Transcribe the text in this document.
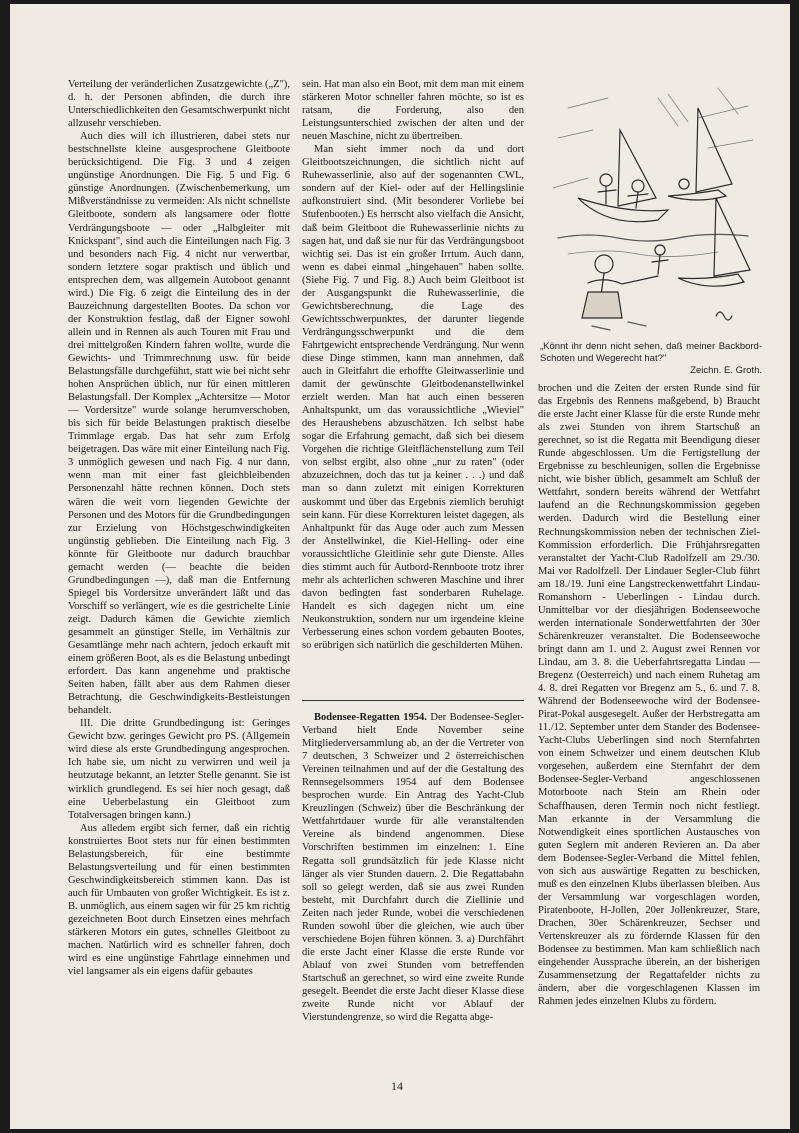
Verteilung der veränderlichen Zusatzgewichte („Z"), d. h. der Personen abfinden, die durch ihre Unterschiedlichkeiten den Gesamtschwerpunkt nicht allzusehr verschieben.

Auch dies will ich illustrieren, dabei stets nur bestschnellste kleine ausgesprochene Gleitboote berücksichtigend. Die Fig. 3 und 4 zeigen ungünstige Anordnungen. Die Fig. 5 und Fig. 6 günstige Anordnungen. (Zwischenbemerkung, um Mißverständnisse zu vermeiden: Als nicht schnellste Gleitboote, sondern als langsamere oder flotte Verdrängungsboote — oder „Halbgleiter mit Knickspant", sind auch die Einteilungen nach Fig. 3 und besonders nach Fig. 4 nicht nur verwertbar, sondern letztere sogar praktisch und üblich und entsprechen dem, was allgemein Autoboot genannt wird.) Die Fig. 6 zeigt die Einteilung des in der Bauzeichnung dargestellten Bootes. Da schon vor der Konstruktion festlag, daß der Eigner sowohl allein und in Rennen als auch Touren mit Frau und drei mittelgroßen Kindern fahren wollte, wurde die Gewichts- und Trimmrechnung usw. für beide Belastungsfälle durchgeführt, statt wie bei nicht sehr hohen Ansprüchen üblich, nur für einen mittleren Belastungsfall. Der Komplex „Achtersitze — Motor — Vordersitze" wurde solange herumverschoben, bis sich für beide Belastungen praktisch dieselbe Trimmlage ergab. Das hat sehr zum Erfolg beigetragen. Das wäre mit einer Einteilung nach Fig. 3 unmöglich gewesen und nach Fig. 4 nur dann, wenn man mit einer fast gleichbleibenden Personenzahl hätte rechnen können. Doch stets wären die weit vorn liegenden Gewichte der Personen und des Motors für die Grundbedingungen zur Erzielung von Höchstgeschwindigkeiten ungünstig geblieben. Die Einteilung nach Fig. 3 könnte für Gleitboote nur dadurch brauchbar gemacht werden (— beachte die beiden Grundbedingungen —), daß man die Entfernung Spiegel bis Vordersitze unverändert läßt und das Vorschiff so verlängert, wie es die gestrichelte Linie zeigt. Dadurch kämen die Gewichte ziemlich gesammelt an günstiger Stelle, im Verhältnis zur Gesamtlänge mehr nach achtern, jedoch erkauft mit einem größeren Boot, als es die Belastung unbedingt erfordert. Das kann angenehme und praktische Seiten haben, fällt aber aus dem Rahmen dieser Betrachtung, die Geschwindigkeits-Bestleistungen behandelt.

III. Die dritte Grundbedingung ist: Geringes Gewicht bzw. geringes Gewicht pro PS. (Allgemein wird diese als erste Grundbedingung angesprochen. Ich habe sie, um nicht zu verwirren und weil ja heutzutage bekannt, an letzter Stelle genannt. Sie ist wirklich grundlegend. Es sei hier noch gesagt, daß eine Ueberbelastung ein Gleitboot zum Totalversagen bringen kann.)

Aus alledem ergibt sich ferner, daß ein richtig konstruiertes Boot stets nur für einen bestimmten Belastungsbereich, für eine bestimmte Belastungsverteilung und für einen bestimmten Geschwindigkeitsbereich stimmen kann. Das ist auch für Umbauten von großer Wichtigkeit. Es ist z. B. unmöglich, aus einem sagen wir für 25 km richtig gezeichneten Boot durch Einsetzen eines mehrfach stärkeren Motors ein gutes, schnelles Gleitboot zu machen. Natürlich wird es schneller fahren, doch wird es eine ungünstige Fahrtlage einnehmen und viel langsamer als ein eigens dafür gebautes

sein. Hat man also ein Boot, mit dem man mit einem stärkeren Motor schneller fahren möchte, so ist es ratsam, die Forderung, also den Leistungsunterschied zwischen der alten und der neuen Maschine, nicht zu übertreiben.

Man sieht immer noch da und dort Gleitbootszeichnungen, die sichtlich nicht auf Ruhewasserlinie, also auf der sogenannten CWL, sondern auf der Kiel- oder auf der Hellingslinie aufkonstruiert sind. (Mit besonderer Vorliebe bei Stufenbooten.) Es herrscht also vielfach die Ansicht, daß beim Gleitboot die Ruhewasserlinie nichts zu sagen hat, und daß sie nur für das Verdrängungsboot wichtig sei. Das ist ein großer Irrtum. Auch dann, wenn es dabei einmal „hingehauen" haben sollte. (Siehe Fig. 7 und Fig. 8.) Auch beim Gleitboot ist der Ausgangspunkt die Ruhewasserlinie, die Gewichtsberechnung, die Lage des Gewichtsschwerpunktes, der darunter liegende Verdrängungsschwerpunkt und die dem Fahrtgewicht entsprechende Verdrängung. Nur wenn diese Dinge stimmen, kann man annehmen, daß auch in Gleitfahrt die erhoffte Gleitwasserlinie und damit der gewünschte Gleitbodenanstellwinkel erzielt werden. Man hat auch einen besseren Anhaltspunkt, um das voraussichtliche „Wieviel" des Heraushebens abzuschätzen. Ich selbst habe sogar die Erfahrung gemacht, daß sich bei diesem Vorgehen die richtige Gleitflächenstellung zum Teil von selbst ergibt, also ohne „nur zu raten" (oder abzuzeichnen, doch das tut ja keiner . . .) und daß man so dann zuletzt mit einigen Korrekturen auskommt und über das Ergebnis ziemlich beruhigt sein kann. Für diese Korrekturen leistet dagegen, als Anhaltpunkt für das Auge oder auch zum Messen der Anstellwinkel, die Kiel-Helling- oder eine voraussichtliche Gleitlinie sehr gute Dienste. Alles dies stimmt auch für Autbord-Rennboote trotz ihrer mehr als achterlichen schweren Maschine und ihrer davon bedingten fast sonderbaren Ruhelage. Handelt es sich dagegen nicht um eine Neukonstruktion, sondern nur um irgendeine kleine Verbesserung eines schon vordem gebauten Bootes, so erübrigen sich natürlich die geschilderten Mühen.

Bodensee-Regatten 1954. Der Bodensee-Segler-Verband hielt Ende November seine Mitgliederversammlung ab, an der die Vertreter von 7 deutschen, 3 Schweizer und 2 österreichischen Vereinen teilnahmen und auf der die Gestaltung des Rennsegelsommers 1954 auf dem Bodensee besprochen wurde. Ein Antrag des Yacht-Club Kreuzlingen (Schweiz) über die Beschränkung der Wettfahrtdauer wurde für alle veranstaltenden Vereine als bindend angenommen. Diese Vorschriften bestimmen im einzelnen: 1. Eine Regatta soll grundsätzlich für jede Klasse nicht länger als vier Stunden dauern. 2. Die Regattabahn soll so gelegt werden, daß sie aus zwei Runden besteht, mit Durchfahrt durch die Ziellinie und Zeiten nach jeder Runde, wobei die verschiedenen Runden sowohl über die gleichen, wie auch über verschiedene Bojen führen können. 3. a) Durchfährt die erste Jacht einer Klasse die erste Runde vor Ablauf von zwei Stunden vom betreffenden Startschuß an gerechnet, so wird eine zweite Runde gesegelt. Beendet die erste Jacht dieser Klasse diese zweite Runde nicht vor Ablauf der Vierstundengrenze, so wird die Regatta abge-

„Könnt ihr denn nicht sehen, daß meiner Backbord-Schoten und Wegerecht hat?"

Zeichn. E. Groth.

brochen und die Zeiten der ersten Runde sind für das Ergebnis des Rennens maßgebend, b) Braucht die erste Jacht einer Klasse für die erste Runde mehr als zwei Stunden von ihrem Startschuß an gerechnet, so ist die Regatta mit Beendigung dieser Runde abgeschlossen. Um die Fertigstellung der Ergebnisse zu beschleunigen, sollen die Ergebnisse nicht, wie bisher üblich, gesammelt am Schluß der Wettfahrt, sondern bereits während der Wettfahrt laufend an die Rechnungskommission gegeben werden. Dadurch wird die Bestellung einer Rechnungskommission neben der technischen Ziel-Kommission erforderlich. Die Frühjahrsregatten veranstaltet der Yacht-Club Radolfzell am 29./30. Mai vor Radolfzell. Der Lindauer Segler-Club führt am 18./19. Juni eine Langstreckenwettfahrt Lindau-Romanshorn - Ueberlingen - Lindau durch. Unmittelbar vor der diesjährigen Bodenseewoche werden internationale Sonderwettfahrten der 30er Schärenkreuzer veranstaltet. Die Bodenseewoche bringt dann am 1. und 2. August zwei Rennen vor Lindau, am 3. 8. die Ueberfahrtsregatta Lindau — Bregenz (Oesterreich) und nach einem Ruhetag am 4. 8. drei Regatten vor Bregenz am 5., 6. und 7. 8. Während der Bodenseewoche wird der Bodensee-Pirat-Pokal ausgesegelt. Außer der Herbstregatta am 11./12. September unter dem Stander des Bodensee-Yacht-Clubs Ueberlingen sind noch Sternfahrten von einem Schweizer und einem deutschen Klub vorgesehen, außerdem eine Sternfahrt der dem Bodensee-Segler-Verband angeschlossenen Motorboote nach Stein am Rhein oder Schaffhausen, deren Termin noch nicht festliegt. Man erkannte in der Versammlung die Notwendigkeit eines sportlichen Austausches von guten Seglern mit anderen Revieren an. Da aber dem Bodensee-Segler-Verband die Mittel fehlen, von sich aus auswärtige Regatten zu beschicken, muß es den einzelnen Klubs überlassen bleiben. Aus der Versammlung war vorgeschlagen worden, Piratenboote, H-Jollen, 20er Jollenkreuzer, Stare, Drachen, 30er Schärenkreuzer, Sechser und Vertenskreuzer als zu fördernde Klassen für den Bodensee zu bestimmen. Man kam schließlich nach eingehender Aussprache überein, an der bisherigen Zusammensetzung der Regattafelder nichts zu ändern, aber die vorgeschlagenen Klassen im Rahmen jedes einzelnen Klubs zu fördern.

14
